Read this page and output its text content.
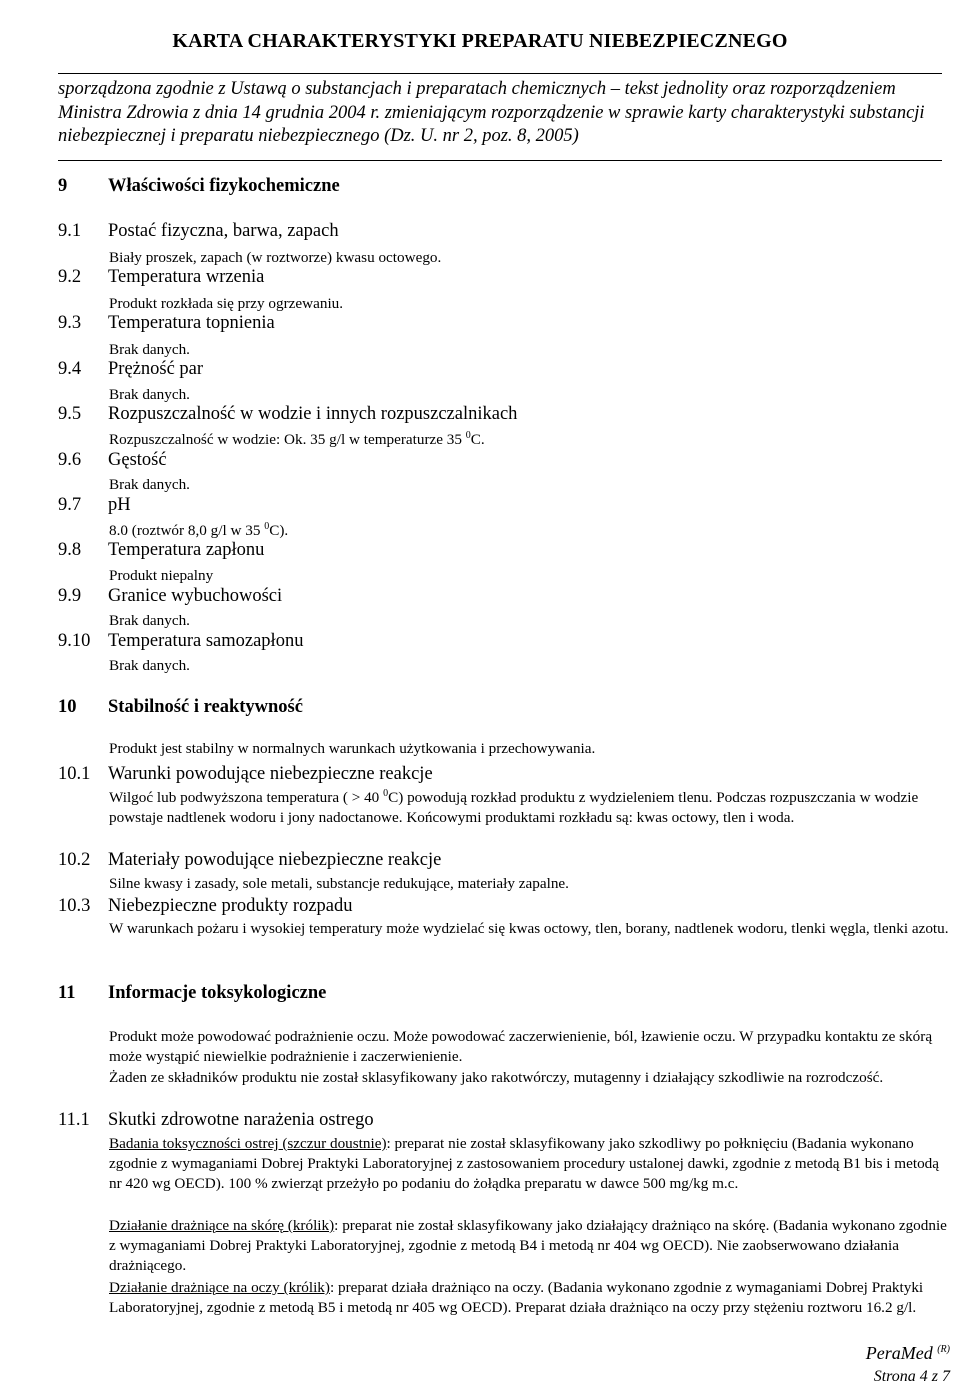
KARTA CHARAKTERYSTYKI PREPARATU NIEBEZPIECZNEGO
sporządzona zgodnie z Ustawą o substancjach i preparatach chemicznych – tekst jednolity oraz rozporządzeniem Ministra Zdrowia z dnia 14 grudnia 2004 r. zmieniającym rozporządzenie w sprawie karty charakterystyki substancji niebezpiecznej i preparatu niebezpiecznego (Dz. U. nr 2, poz. 8, 2005)
9 Właściwości fizykochemiczne
9.1 Postać fizyczna, barwa, zapach
Biały proszek, zapach (w roztworze) kwasu octowego.
9.2 Temperatura wrzenia
Produkt rozkłada się przy ogrzewaniu.
9.3 Temperatura topnienia
Brak danych.
9.4 Prężność par
Brak danych.
9.5 Rozpuszczalność w wodzie i innych rozpuszczalnikach
Rozpuszczalność w wodzie: Ok. 35 g/l w temperaturze 35 $^0$C.
9.6 Gęstość
Brak danych.
9.7 pH
8.0 (roztwór 8,0 g/l w 35 $^0$C).
9.8 Temperatura zapłonu
Produkt niepalny
9.9 Granice wybuchowości
Brak danych.
9.10 Temperatura samozapłonu
Brak danych.
10 Stabilność i reaktywność
Produkt jest stabilny w normalnych warunkach użytkowania i przechowywania.
10.1 Warunki powodujące niebezpieczne reakcje
Wilgoć lub podwyższona temperatura ( > 40 $^0$C) powodują rozkład produktu z wydzieleniem tlenu. Podczas rozpuszczania w wodzie powstaje nadtlenek wodoru i jony nadoctanowe. Końcowymi produktami rozkładu są: kwas octowy, tlen i woda.
10.2 Materiały powodujące niebezpieczne reakcje
Silne kwasy i zasady, sole metali, substancje redukujące, materiały zapalne.
10.3 Niebezpieczne produkty rozpadu
W warunkach pożaru i wysokiej temperatury może wydzielać się kwas octowy, tlen, borany, nadtlenek wodoru, tlenki węgla, tlenki azotu.
11 Informacje toksykologiczne
Produkt może powodować podrażnienie oczu. Może powodować zaczerwienienie, ból, łzawienie oczu. W przypadku kontaktu ze skórą może wystąpić niewielkie podrażnienie i zaczerwienienie.
Żaden ze składników produktu nie został sklasyfikowany jako rakotwórczy, mutagenny i działający szkodliwie na rozrodczość.
11.1 Skutki zdrowotne narażenia ostrego
Badania toksyczności ostrej (szczur doustnie): preparat nie został sklasyfikowany jako szkodliwy po połknięciu (Badania wykonano zgodnie z wymaganiami Dobrej Praktyki Laboratoryjnej z zastosowaniem procedury ustalonej dawki, zgodnie z metodą B1 bis i metodą nr 420 wg OECD). 100 % zwierząt przeżyło po podaniu do żołądka preparatu w dawce 500 mg/kg m.c.
Działanie drażniące na skórę (królik): preparat nie został sklasyfikowany jako działający drażniąco na skórę. (Badania wykonano zgodnie z wymaganiami Dobrej Praktyki Laboratoryjnej, zgodnie z metodą B4 i metodą nr 404 wg OECD). Nie zaobserwowano działania drażniącego.
Działanie drażniące na oczy (królik): preparat działa drażniąco na oczy. (Badania wykonano zgodnie z wymaganiami Dobrej Praktyki Laboratoryjnej, zgodnie z metodą B5 i metodą nr 405 wg OECD). Preparat działa drażniąco na oczy przy stężeniu roztworu 16.2 g/l.
PeraMed $^{(R)}$
Strona 4 z 7
